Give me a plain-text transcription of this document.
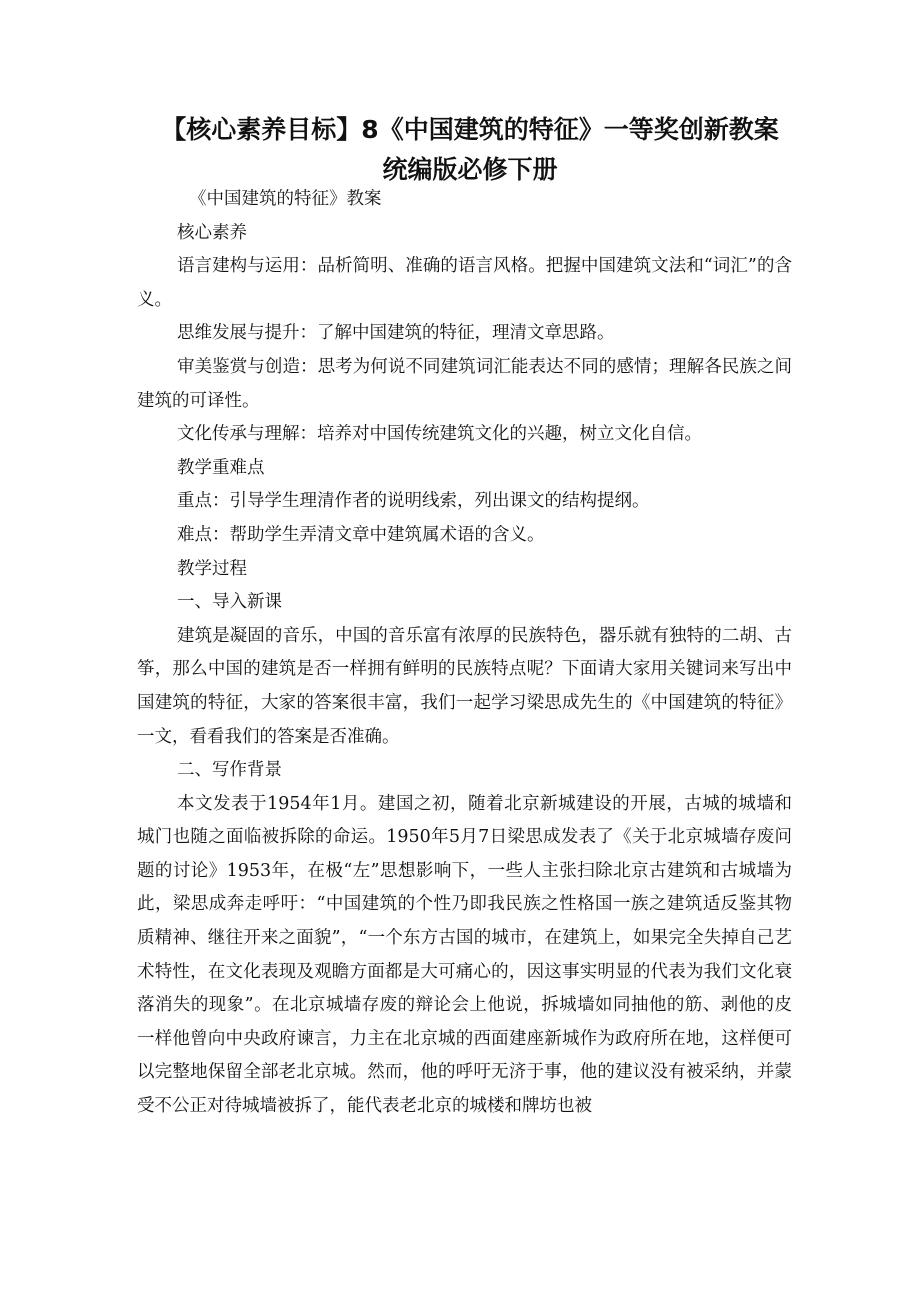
【核心素养目标】8《中国建筑的特征》一等奖创新教案统编版必修下册

《中国建筑的特征》教案

核心素养

语言建构与运用：品析简明、准确的语言风格。把握中国建筑文法和“词汇”的含义。

思维发展与提升：了解中国建筑的特征，理清文章思路。

审美鉴赏与创造：思考为何说不同建筑词汇能表达不同的感情；理解各民族之间建筑的可译性。

文化传承与理解：培养对中国传统建筑文化的兴趣，树立文化自信。

教学重难点

重点：引导学生理清作者的说明线索，列出课文的结构提纲。

难点：帮助学生弄清文章中建筑属术语的含义。

教学过程

一、导入新课

建筑是凝固的音乐，中国的音乐富有浓厚的民族特色，器乐就有独特的二胡、古筝，那么中国的建筑是否一样拥有鲜明的民族特点呢？下面请大家用关键词来写出中国建筑的特征，大家的答案很丰富，我们一起学习梁思成先生的《中国建筑的特征》一文，看看我们的答案是否准确。

二、写作背景

本文发表于1954年1月。建国之初，随着北京新城建设的开展，古城的城墙和城门也随之面临被拆除的命运。1950年5月7日梁思成发表了《关于北京城墙存废问题的讨论》1953年，在极“左”思想影响下，一些人主张扫除北京古建筑和古城墙为此，梁思成奔走呼吁：“中国建筑的个性乃即我民族之性格国一族之建筑适反鉴其物质精神、继往开来之面貌”，“一个东方古国的城市，在建筑上，如果完全失掉自己艺术特性，在文化表现及观瞻方面都是大可痛心的，因这事实明显的代表为我们文化衰落消失的现象”。在北京城墙存废的辩论会上他说，拆城墙如同抽他的筋、剥他的皮一样他曾向中央政府谏言，力主在北京城的西面建座新城作为政府所在地，这样便可以完整地保留全部老北京城。然而，他的呼吁无济于事，他的建议没有被采纳，并蒙受不公正对待城墙被拆了，能代表老北京的城楼和牌坊也被
